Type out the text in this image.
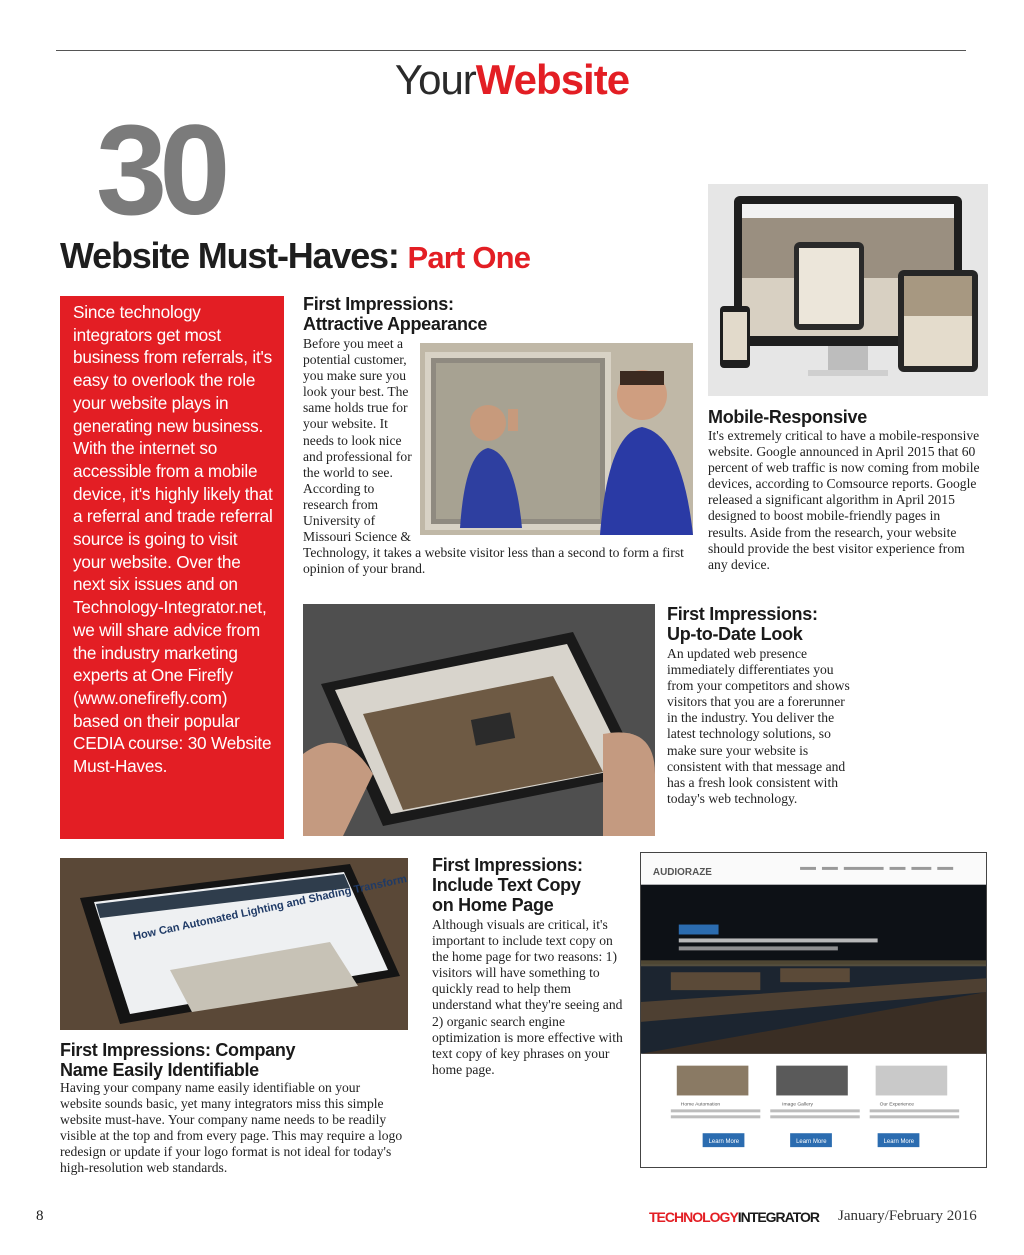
YourWebsite
30
Website Must-Haves: Part One

Since technology integrators get most business from referrals, it's easy to overlook the role your website plays in generating new business. With the internet so accessible from a mobile device, it's highly likely that a referral and trade referral source is going to visit your website. Over the next six issues and on Technology-Integrator.net, we will share advice from the industry marketing experts at One Firefly (www.onefirefly.com) based on their popular CEDIA course: 30 Website Must-Haves.

First Impressions:
Attractive Appearance

Before you meet a potential customer, you make sure you look your best. The same holds true for your website. It needs to look nice and professional for the world to see. According to research from University of Missouri Science & Technology, it takes a website visitor less than a second to form a first opinion of your brand.

Mobile-Responsive

It's extremely critical to have a mobile-responsive website. Google announced in April 2015 that 60 percent of web traffic is now coming from mobile devices, according to Comsource reports. Google released a significant algorithm in April 2015 designed to boost mobile-friendly pages in results. Aside from the research, your website should provide the best visitor experience from any device.

First Impressions:
Up-to-Date Look

An updated web presence immediately differentiates you from your competitors and shows visitors that you are a forerunner in the industry. You deliver the latest technology solutions, so make sure your website is consistent with that message and has a fresh look consistent with today's web technology.

How Can Automated Lighting and Shading Transform
First Impressions: Company
Name Easily Identifiable

Having your company name easily identifiable on your website sounds basic, yet many integrators miss this simple website must-have. Your company name needs to be readily visible at the top and from every page. This may require a logo redesign or update if your logo format is not ideal for today's high-resolution web standards.

First Impressions:
Include Text Copy
on Home Page

Although visuals are critical, it's important to include text copy on the home page for two reasons: 1) visitors will have something to quickly read to help them understand what they're seeing and 2) organic search engine optimization is more effective with text copy of key phrases on your home page.

AUDIORAZE
Home Automation	Image Gallery	Our Experience
Learn More	Learn More	Learn More
8	TECHNOLOGYINTEGRATOR January/February 2016
